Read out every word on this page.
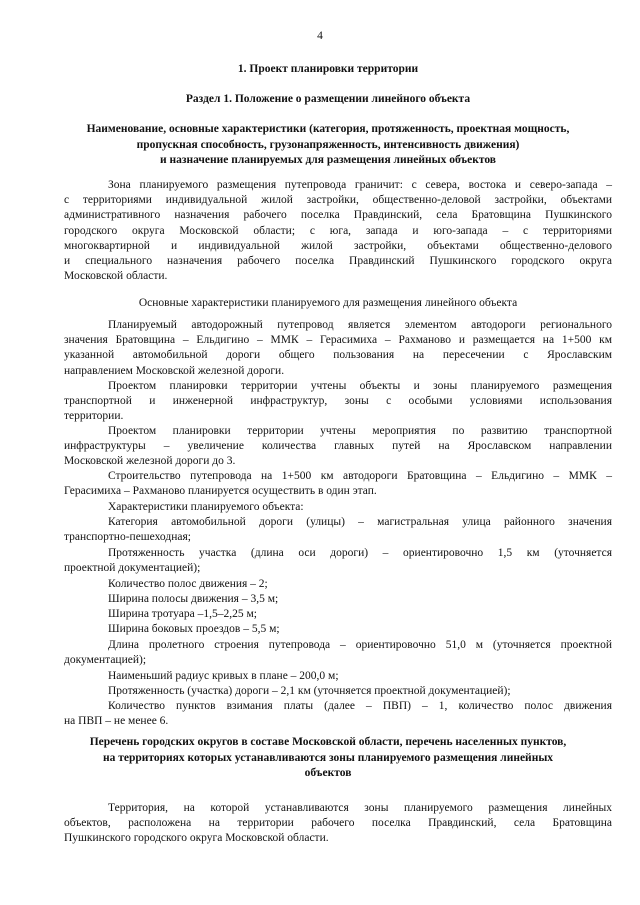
4
1. Проект планировки территории
Раздел 1. Положение о размещении линейного объекта
Наименование, основные характеристики (категория, протяженность, проектная мощность,
пропускная способность, грузонапряженность, интенсивность движения)
и назначение планируемых для размещения линейных объектов
Зона планируемого размещения путепровода граничит: с севера, востока и северо-запада –
с территориями индивидуальной жилой застройки, общественно-деловой застройки, объектами
административного назначения рабочего поселка Правдинский, села Братовщина Пушкинского
городского округа Московской области; с юга, запада и юго-запада – с территориями
многоквартирной и индивидуальной жилой застройки, объектами общественно-делового
и специального назначения рабочего поселка Правдинский Пушкинского городского округа
Московской области.
Основные характеристики планируемого для размещения линейного объекта
Планируемый автодорожный путепровод является элементом автодороги регионального
значения Братовщина – Ельдигино – ММК – Герасимиха – Рахманово и размещается на 1+500 км
указанной автомобильной дороги общего пользования на пересечении с Ярославским
направлением Московской железной дороги.
Проектом планировки территории учтены объекты и зоны планируемого размещения
транспортной и инженерной инфраструктур, зоны с особыми условиями использования
территории.
Проектом планировки территории учтены мероприятия по развитию транспортной
инфраструктуры – увеличение количества главных путей на Ярославском направлении
Московской железной дороги до 3.
Строительство путепровода на 1+500 км автодороги Братовщина – Ельдигино – ММК –
Герасимиха – Рахманово планируется осуществить в один этап.
Характеристики планируемого объекта:
Категория автомобильной дороги (улицы) – магистральная улица районного значения
транспортно-пешеходная;
Протяженность участка (длина оси дороги) – ориентировочно 1,5 км (уточняется
проектной документацией);
Количество полос движения – 2;
Ширина полосы движения – 3,5 м;
Ширина тротуара –1,5–2,25 м;
Ширина боковых проездов – 5,5 м;
Длина пролетного строения путепровода – ориентировочно 51,0 м (уточняется проектной
документацией);
Наименьший радиус кривых в плане – 200,0 м;
Протяженность (участка) дороги – 2,1 км (уточняется проектной документацией);
Количество пунктов взимания платы (далее – ПВП) – 1, количество полос движения
на ПВП – не менее 6.
Перечень городских округов в составе Московской области, перечень населенных пунктов,
на территориях которых устанавливаются зоны планируемого размещения линейных
объектов
Территория, на которой устанавливаются зоны планируемого размещения линейных
объектов, расположена на территории рабочего поселка Правдинский, села Братовщина
Пушкинского городского округа Московской области.
